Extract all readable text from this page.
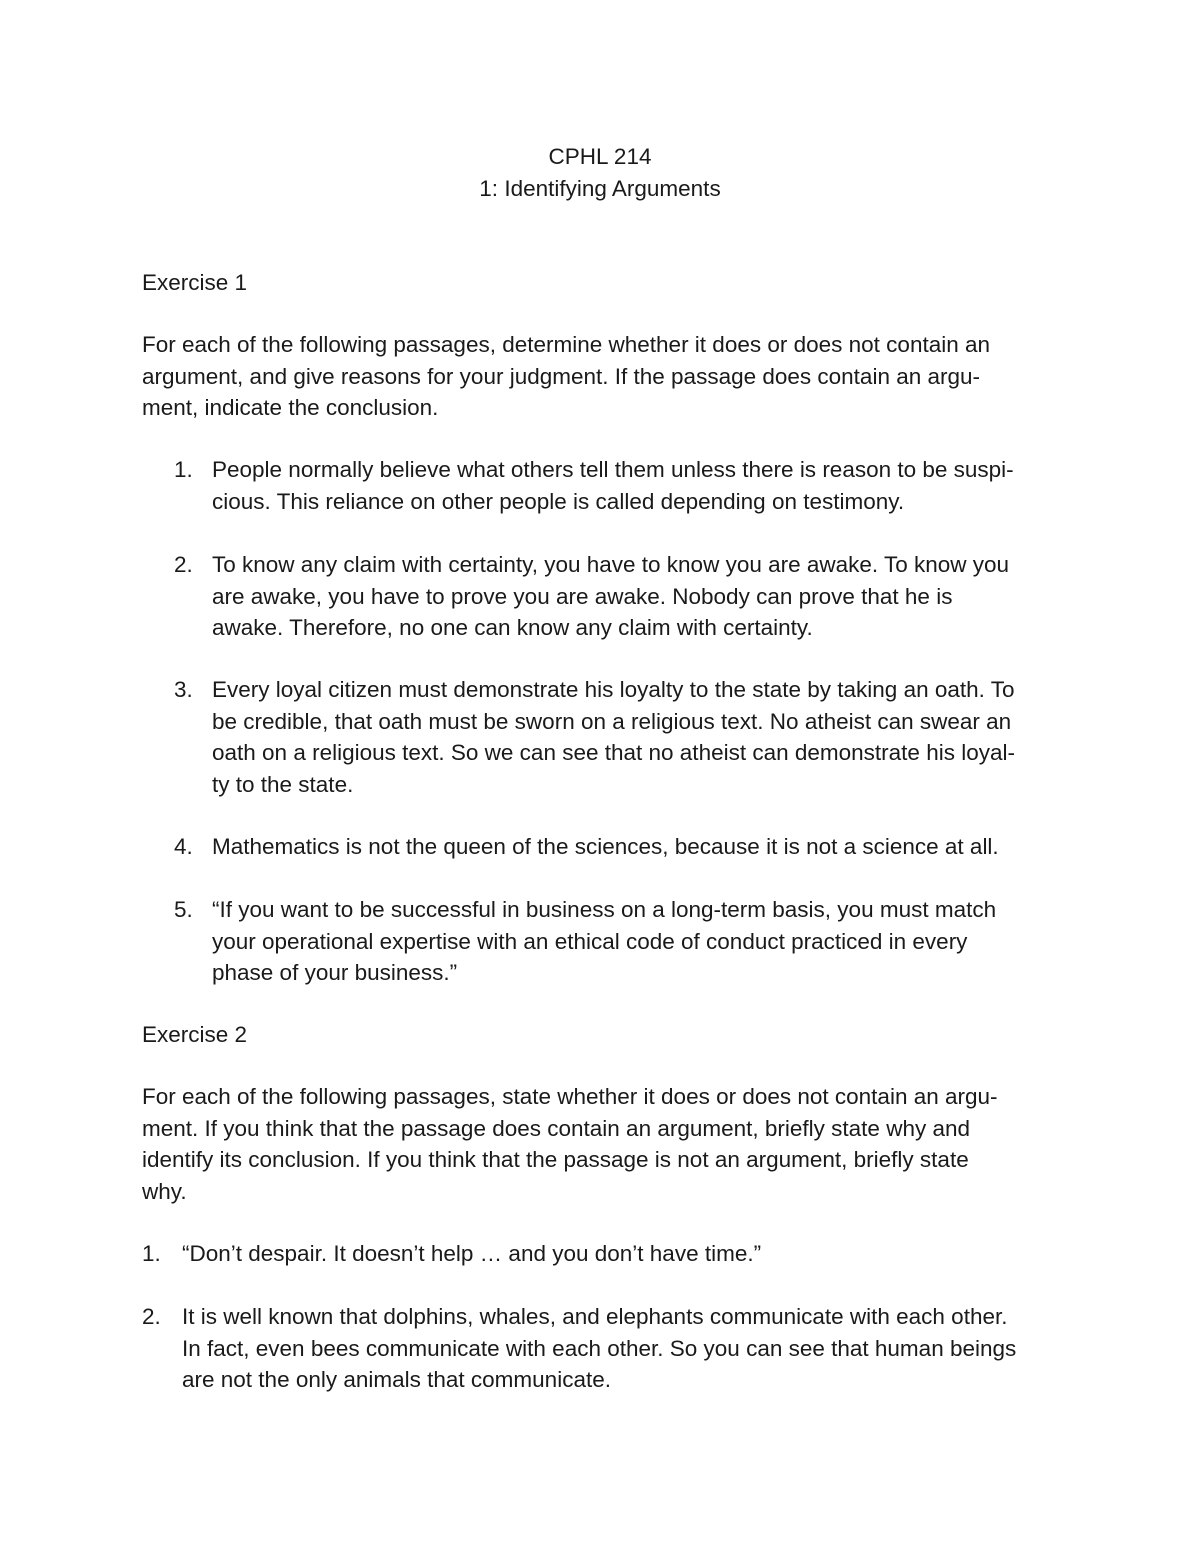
CPHL 214
1: Identifying Arguments
Exercise 1
For each of the following passages, determine whether it does or does not contain an
argument, and give reasons for your judgment. If the passage does contain an argu-
ment, indicate the conclusion.
1. People normally believe what others tell them unless there is reason to be suspi-
cious. This reliance on other people is called depending on testimony.
2. To know any claim with certainty, you have to know you are awake. To know you
are awake, you have to prove you are awake. Nobody can prove that he is
awake. Therefore, no one can know any claim with certainty.
3. Every loyal citizen must demonstrate his loyalty to the state by taking an oath. To
be credible, that oath must be sworn on a religious text. No atheist can swear an
oath on a religious text. So we can see that no atheist can demonstrate his loyal-
ty to the state.
4. Mathematics is not the queen of the sciences, because it is not a science at all.
5. “If you want to be successful in business on a long-term basis, you must match
your operational expertise with an ethical code of conduct practiced in every
phase of your business.”
Exercise 2
For each of the following passages, state whether it does or does not contain an argu-
ment. If you think that the passage does contain an argument, briefly state why and
identify its conclusion. If you think that the passage is not an argument, briefly state
why.
1. “Don’t despair. It doesn’t help … and you don’t have time.”
2. It is well known that dolphins, whales, and elephants communicate with each other.
In fact, even bees communicate with each other. So you can see that human beings
are not the only animals that communicate.
